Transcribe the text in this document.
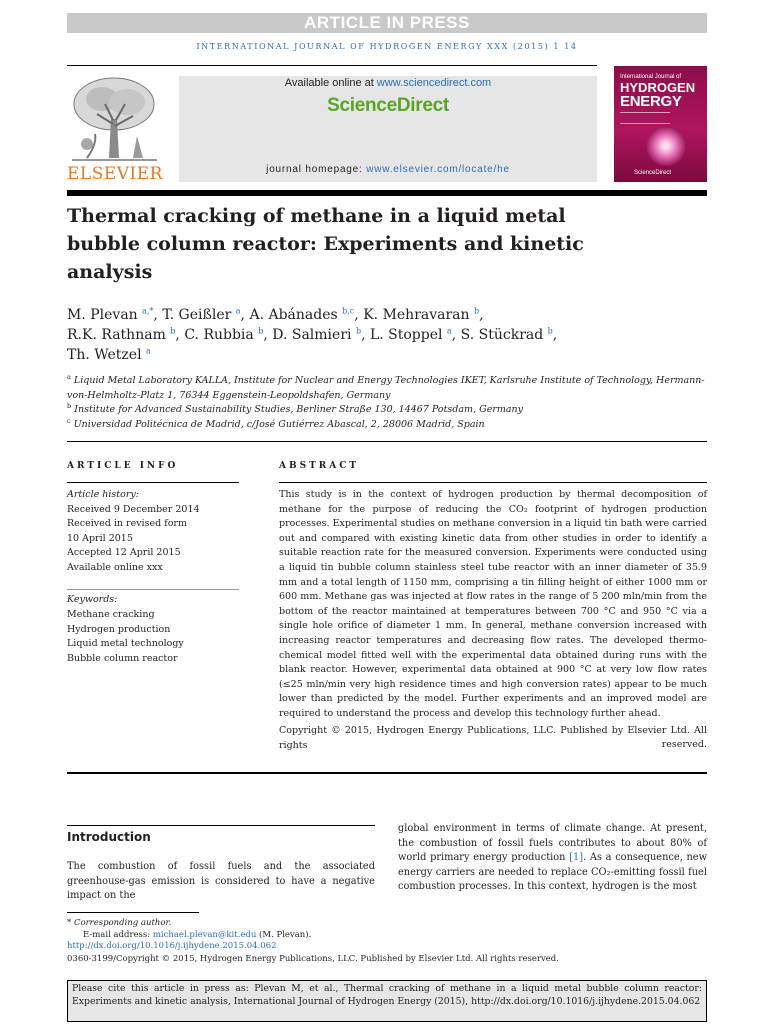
ARTICLE IN PRESS
INTERNATIONAL JOURNAL OF HYDROGEN ENERGY XXX (2015) 1 14
Available online at www.sciencedirect.com
ScienceDirect
journal homepage: www.elsevier.com/locate/he
ELSEVIER
International Journal of
HYDROGEN
ENERGY
ScienceDirect
Thermal cracking of methane in a liquid metal bubble column reactor: Experiments and kinetic analysis
M. Plevan $^{a,*}$, T. Geißler $^a$, A. Abánades $^{b,c}$, K. Mehravaran $^b$,
R.K. Rathnam $^b$, C. Rubbia $^b$, D. Salmieri $^b$, L. Stoppel $^a$, S. Stückrad $^b$,
Th. Wetzel $^a$
$^a$ Liquid Metal Laboratory KALLA, Institute for Nuclear and Energy Technologies IKET, Karlsruhe Institute of Technology, Hermann-von-Helmholtz-Platz 1, 76344 Eggenstein-Leopoldshafen, Germany
$^b$ Institute for Advanced Sustainability Studies, Berliner Straße 130, 14467 Potsdam, Germany
$^c$ Universidad Politécnica de Madrid, c/José Gutiérrez Abascal, 2, 28006 Madrid, Spain
ARTICLE INFO	ABSTRACT
Article history:
Received 9 December 2014
Received in revised form
10 April 2015
Accepted 12 April 2015
Available online xxx
Keywords:
Methane cracking
Hydrogen production
Liquid metal technology
Bubble column reactor
This study is in the context of hydrogen production by thermal decomposition of methane for the purpose of reducing the CO₂ footprint of hydrogen production processes. Experimental studies on methane conversion in a liquid tin bath were carried out and compared with existing kinetic data from other studies in order to identify a suitable reaction rate for the measured conversion. Experiments were conducted using a liquid tin bubble column stainless steel tube reactor with an inner diameter of 35.9 mm and a total length of 1150 mm, comprising a tin filling height of either 1000 mm or 600 mm. Methane gas was injected at flow rates in the range of 5 200 mln/min from the bottom of the reactor maintained at temperatures between 700 °C and 950 °C via a single hole orifice of diameter 1 mm. In general, methane conversion increased with increasing reactor temperatures and decreasing flow rates. The developed thermo-chemical model fitted well with the experimental data obtained during runs with the blank reactor. However, experimental data obtained at 900 °C at very low flow rates (≤25 mln/min very high residence times and high conversion rates) appear to be much lower than predicted by the model. Further experiments and an improved model are required to understand the process and develop this technology further ahead.
Copyright © 2015, Hydrogen Energy Publications, LLC. Published by Elsevier Ltd. All rights	reserved.
Introduction
The combustion of fossil fuels and the associated greenhouse-gas emission is considered to have a negative impact on the
global environment in terms of climate change. At present, the combustion of fossil fuels contributes to about 80% of world primary energy production [1]. As a consequence, new energy carriers are needed to replace CO₂-emitting fossil fuel combustion processes. In this context, hydrogen is the most
* Corresponding author.
E-mail address: michael.plevan@kit.edu (M. Plevan).
http://dx.doi.org/10.1016/j.ijhydene.2015.04.062
0360-3199/Copyright © 2015, Hydrogen Energy Publications, LLC. Published by Elsevier Ltd. All rights reserved.
Please cite this article in press as: Plevan M, et al., Thermal cracking of methane in a liquid metal bubble column reactor: Experiments and kinetic analysis, International Journal of Hydrogen Energy (2015), http://dx.doi.org/10.1016/j.ijhydene.2015.04.062
